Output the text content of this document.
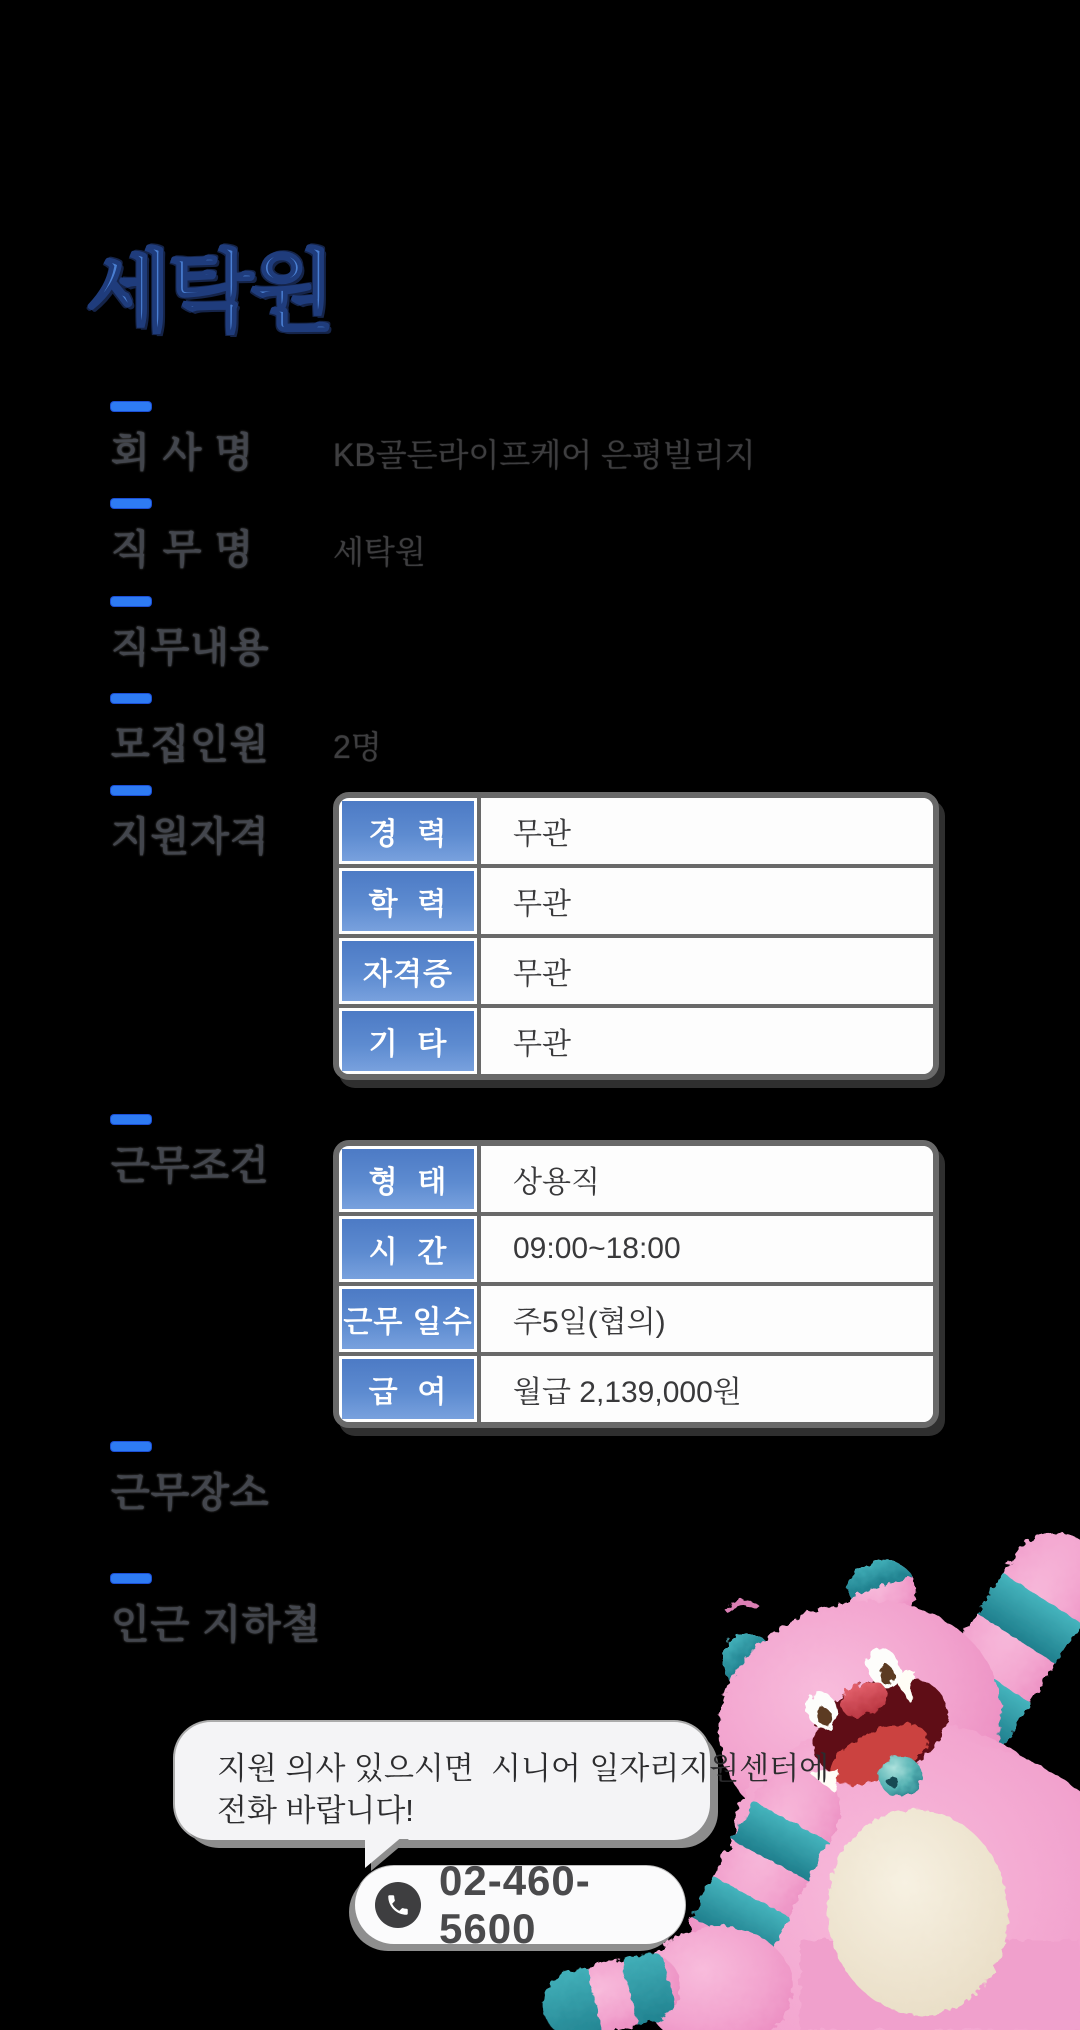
세탁원
회 사 명 KB골든라이프케어 은평빌리지
직 무 명 세탁원
직무내용
모집인원 2명
지원자격	경  력	무관
학  력	무관
자격증	무관
기  타	무관
근무조건	형  태	상용직
시  간	09:00~18:00
근무 일수	주5일(협의)
급  여	월급 2,139,000원
근무장소
인근 지하철
지원 의사 있으시면  시니어 일자리지원센터에
전화 바랍니다!
02-460-5600
